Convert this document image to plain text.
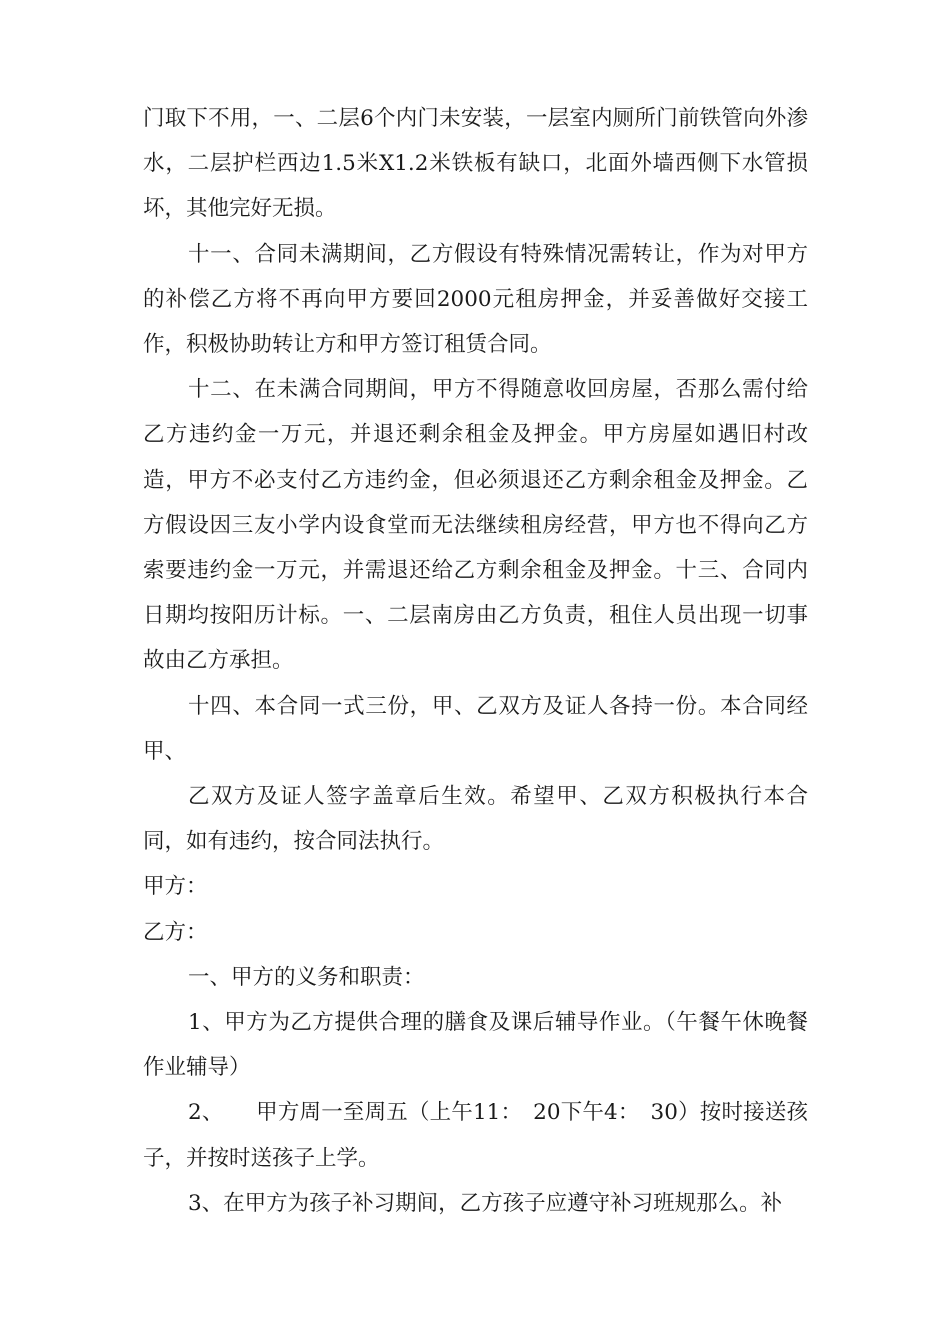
门取下不用，一、二层6个内门未安装，一层室内厕所门前铁管向外渗水，二层护栏西边1.5米X1.2米铁板有缺口，北面外墙西侧下水管损坏，其他完好无损。

十一、合同未满期间，乙方假设有特殊情况需转让，作为对甲方的补偿乙方将不再向甲方要回2000元租房押金，并妥善做好交接工作，积极协助转让方和甲方签订租赁合同。

十二、在未满合同期间，甲方不得随意收回房屋，否那么需付给乙方违约金一万元，并退还剩余租金及押金。甲方房屋如遇旧村改造，甲方不必支付乙方违约金，但必须退还乙方剩余租金及押金。乙方假设因三友小学内设食堂而无法继续租房经营，甲方也不得向乙方索要违约金一万元，并需退还给乙方剩余租金及押金。十三、合同内日期均按阳历计标。一、二层南房由乙方负责，租住人员出现一切事故由乙方承担。

十四、本合同一式三份，甲、乙双方及证人各持一份。本合同经甲、

乙双方及证人签字盖章后生效。希望甲、乙双方积极执行本合同，如有违约，按合同法执行。

甲方：

乙方：

一、甲方的义务和职责：

1、甲方为乙方提供合理的膳食及课后辅导作业。（午餐午休晚餐作业辅导）

2、　　甲方周一至周五（上午11：　20下午4：　30）按时接送孩 子，并按时送孩子上学。

3、在甲方为孩子补习期间，乙方孩子应遵守补习班规那么。补
